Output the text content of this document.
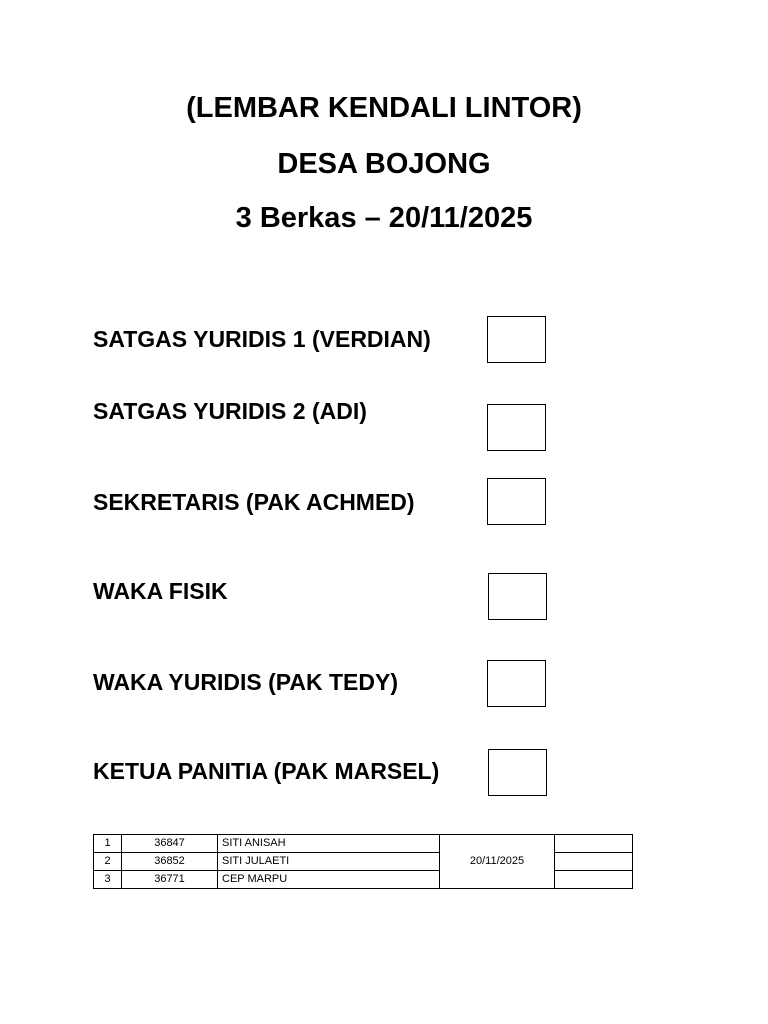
(LEMBAR KENDALI LINTOR)
DESA BOJONG
3 Berkas – 20/11/2025
SATGAS YURIDIS 1 (VERDIAN)
SATGAS YURIDIS 2 (ADI)
SEKRETARIS (PAK ACHMED)
WAKA FISIK
WAKA YURIDIS (PAK TEDY)
KETUA PANITIA (PAK MARSEL)
1	36847	SITI ANISAH	20/11/2025	
2	36852	SITI JULAETI		
3	36771	CEP MARPU		
